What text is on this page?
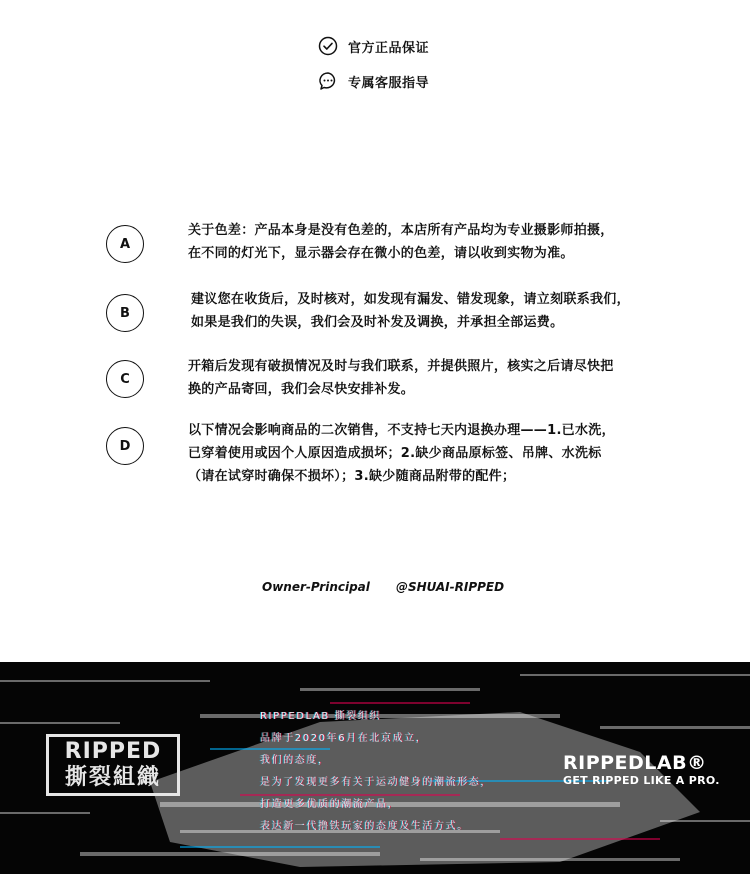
官方正品保证
专属客服指导
A
关于色差：产品本身是没有色差的，本店所有产品均为专业摄影师拍摄，
在不同的灯光下，显示器会存在微小的色差，请以收到实物为准。
B
建议您在收货后，及时核对，如发现有漏发、错发现象，请立刻联系我们，
如果是我们的失误，我们会及时补发及调换，并承担全部运费。
C
开箱后发现有破损情况及时与我们联系，并提供照片，核实之后请尽快把
换的产品寄回，我们会尽快安排补发。
D
以下情况会影响商品的二次销售，不支持七天内退换办理——1.已水洗，
已穿着使用或因个人原因造成损坏；2.缺少商品原标签、吊牌、水洗标
（请在试穿时确保不损坏）；3.缺少随商品附带的配件；
Owner-Principal @SHUAI-RIPPED
RIPPED
撕裂組織
RIPPEDLAB 撕裂组织
品牌于2020年6月在北京成立，
我们的态度，
是为了发现更多有关于运动健身的潮流形态，
打造更多优质的潮流产品，
表达新一代撸铁玩家的态度及生活方式。
RIPPEDLAB®
GET RIPPED LIKE A PRO.
